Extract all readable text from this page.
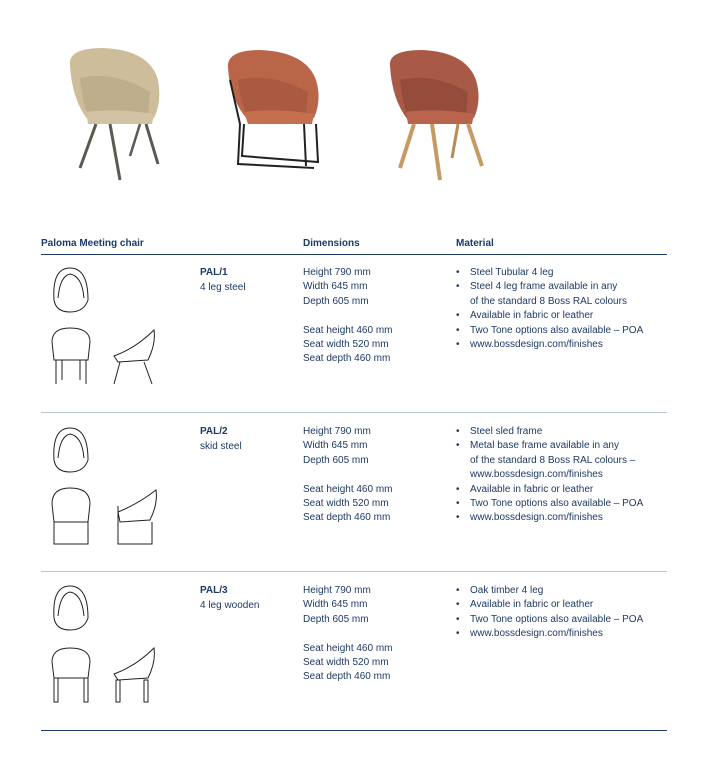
Paloma Meeting chair	Dimensions	Material
PAL/1
4 leg steel
Height 790 mm
Width 645 mm
Depth 605 mm
Seat height 460 mm
Seat width 520 mm
Seat depth 460 mm
• Steel Tubular 4 leg
• Steel 4 leg frame available in any
of the standard 8 Boss RAL colours
• Available in fabric or leather
• Two Tone options also available – POA
• www.bossdesign.com/finishes
PAL/2
skid steel
Height 790 mm
Width 645 mm
Depth 605 mm
Seat height 460 mm
Seat width 520 mm
Seat depth 460 mm
• Steel sled frame
• Metal base frame available in any
of the standard 8 Boss RAL colours –
www.bossdesign.com/finishes
• Available in fabric or leather
• Two Tone options also available – POA
• www.bossdesign.com/finishes
PAL/3
4 leg wooden
Height 790 mm
Width 645 mm
Depth 605 mm
Seat height 460 mm
Seat width 520 mm
Seat depth 460 mm
• Oak timber 4 leg
• Available in fabric or leather
• Two Tone options also available – POA
• www.bossdesign.com/finishes
